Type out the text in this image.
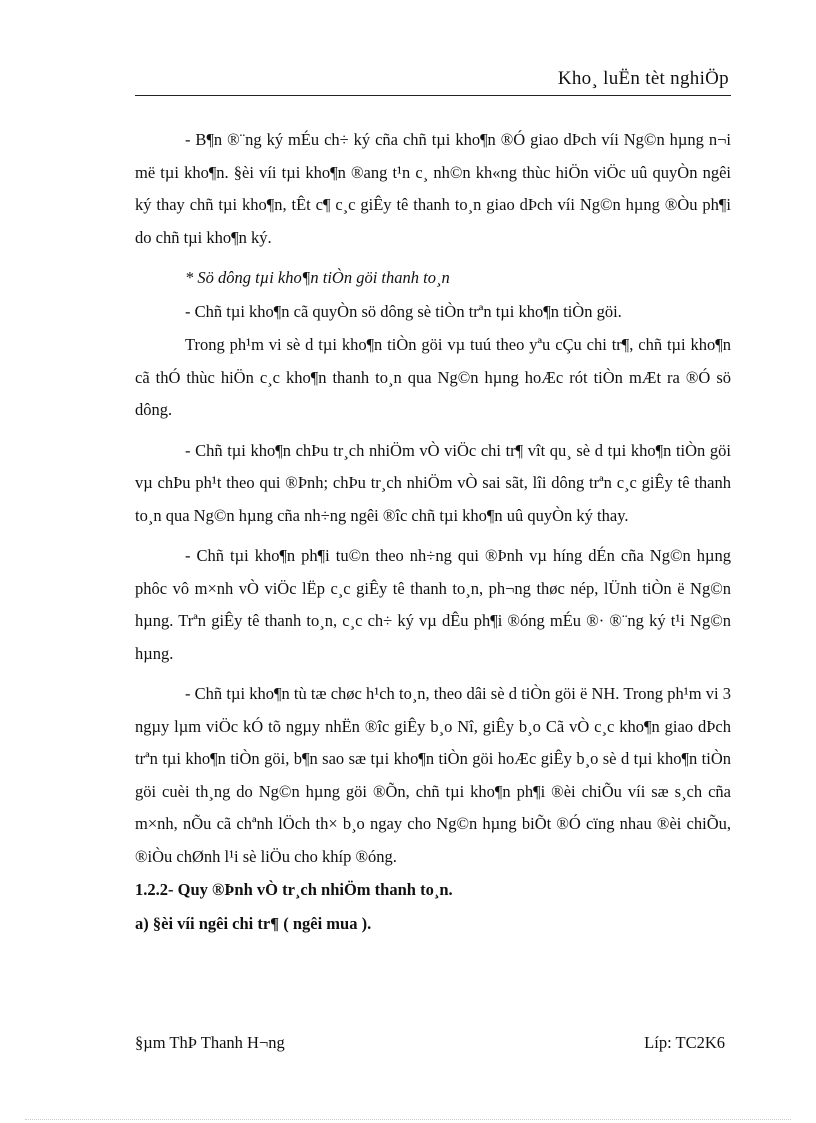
Kho¸ luËn tèt nghiÖp

- B¶n ®¨ng ký mÉu ch÷ ký cña chñ tµi kho¶n ®Ó giao dÞch víi Ng©n hµng n¬i më tµi kho¶n. §èi víi tµi kho¶n ®ang t¹n c¸ nh©n kh«ng thùc hiÖn viÖc uû quyÒn ngêi ký thay chñ tµi kho¶n, tÊt c¶ c¸c giÊy tê thanh to¸n giao dÞch víi Ng©n hµng ®Òu ph¶i do chñ tµi kho¶n ký.

* Sö dông tµi kho¶n tiÒn göi thanh to¸n

- Chñ tµi kho¶n cã quyÒn sö dông sè tiÒn trªn tµi kho¶n tiÒn göi.

Trong ph¹m vi sè d tµi kho¶n tiÒn göi vµ tuú theo yªu cÇu chi tr¶, chñ tµi kho¶n cã thÓ thùc hiÖn c¸c kho¶n thanh to¸n qua Ng©n hµng hoÆc rót tiÒn mÆt ra ®Ó sö dông.

- Chñ tµi kho¶n chÞu tr¸ch nhiÖm vÒ viÖc chi tr¶ vît qu¸ sè d tµi kho¶n tiÒn göi vµ chÞu ph¹t theo qui ®Þnh; chÞu tr¸ch nhiÖm vÒ sai sãt, lîi dông trªn c¸c giÊy tê thanh to¸n qua Ng©n hµng cña nh÷ng ngêi ®îc chñ tµi kho¶n uû quyÒn ký thay.

- Chñ tµi kho¶n ph¶i tu©n theo nh÷ng qui ®Þnh vµ híng dÉn cña Ng©n hµng phôc vô m×nh vÒ viÖc lËp c¸c giÊy tê thanh to¸n, ph¬ng thøc nép, lÜnh tiÒn ë Ng©n hµng. Trªn giÊy tê thanh to¸n, c¸c ch÷ ký vµ dÊu ph¶i ®óng mÉu ®· ®¨ng ký t¹i Ng©n hµng.

- Chñ tµi kho¶n tù tæ chøc h¹ch to¸n, theo dâi sè d tiÒn göi ë NH. Trong ph¹m vi 3 ngµy lµm viÖc kÓ tõ ngµy nhËn ®îc giÊy b¸o Nî, giÊy b¸o Cã vÒ c¸c kho¶n giao dÞch trªn tµi kho¶n tiÒn göi, b¶n sao sæ tµi kho¶n tiÒn göi hoÆc giÊy b¸o sè d tµi kho¶n tiÒn göi cuèi th¸ng do Ng©n hµng göi ®Õn, chñ tµi kho¶n ph¶i ®èi chiÕu víi sæ s¸ch cña m×nh, nÕu cã chªnh lÖch th× b¸o ngay cho Ng©n hµng biÕt ®Ó cïng nhau ®èi chiÕu, ®iÒu chØnh l¹i sè liÖu cho khíp ®óng.

1.2.2- Quy ®Þnh vÒ tr¸ch nhiÖm thanh to¸n.

a) §èi víi ngêi chi tr¶ ( ngêi mua ).

§µm ThÞ Thanh H¬ng	Líp: TC2K6
